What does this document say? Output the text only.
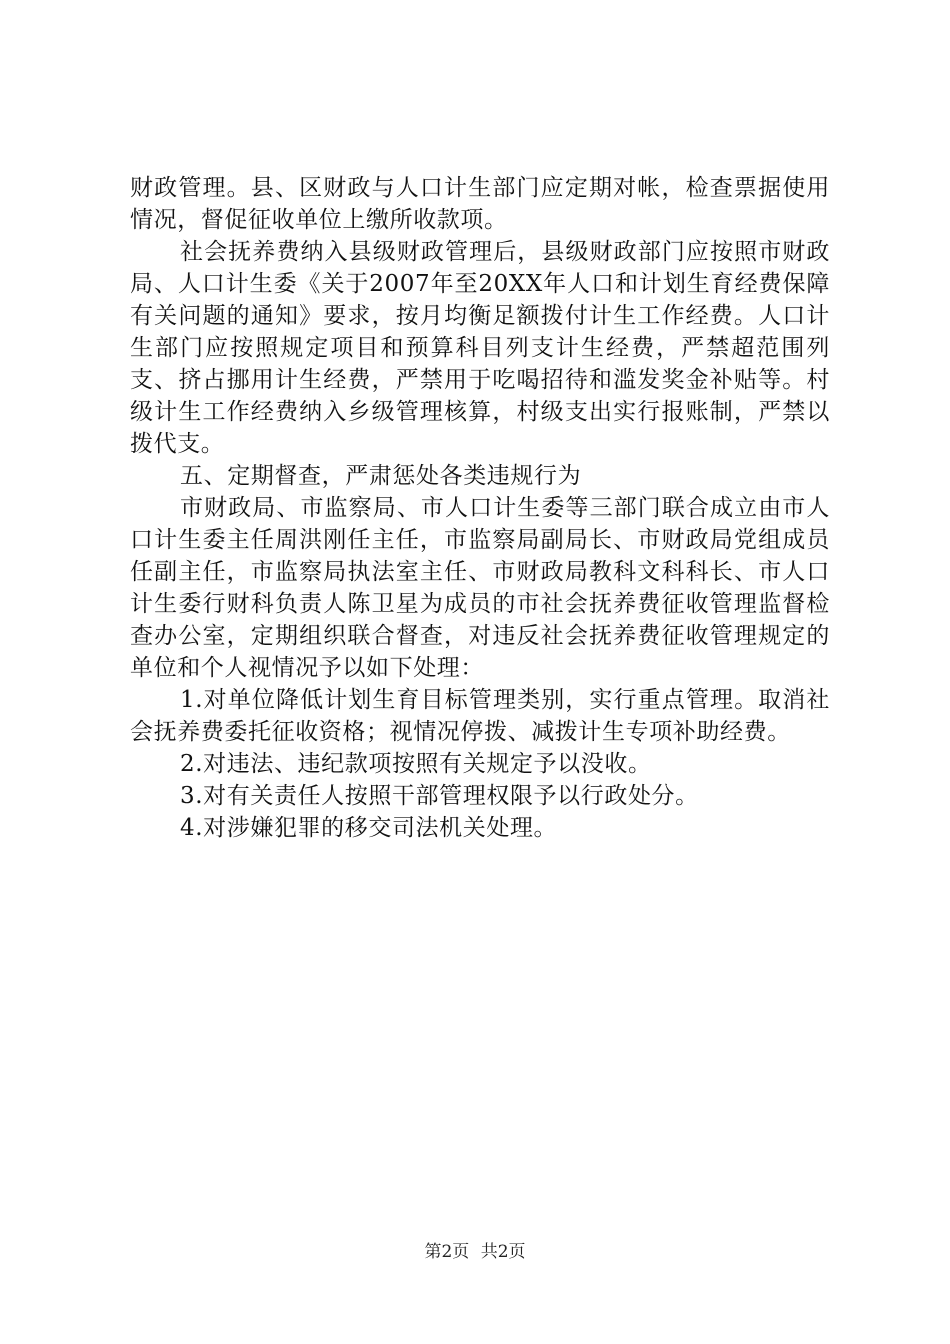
财政管理。县、区财政与人口计生部门应定期对帐，检查票据使用情况，督促征收单位上缴所收款项。

社会抚养费纳入县级财政管理后，县级财政部门应按照市财政局、人口计生委《关于2007年至20XX年人口和计划生育经费保障有关问题的通知》要求，按月均衡足额拨付计生工作经费。人口计生部门应按照规定项目和预算科目列支计生经费，严禁超范围列支、挤占挪用计生经费，严禁用于吃喝招待和滥发奖金补贴等。村级计生工作经费纳入乡级管理核算，村级支出实行报账制，严禁以拨代支。

五、定期督查，严肃惩处各类违规行为

市财政局、市监察局、市人口计生委等三部门联合成立由市人口计生委主任周洪刚任主任，市监察局副局长、市财政局党组成员任副主任，市监察局执法室主任、市财政局教科文科科长、市人口计生委行财科负责人陈卫星为成员的市社会抚养费征收管理监督检查办公室，定期组织联合督查，对违反社会抚养费征收管理规定的单位和个人视情况予以如下处理：

1.对单位降低计划生育目标管理类别，实行重点管理。取消社会抚养费委托征收资格；视情况停拨、减拨计生专项补助经费。

2.对违法、违纪款项按照有关规定予以没收。

3.对有关责任人按照干部管理权限予以行政处分。

4.对涉嫌犯罪的移交司法机关处理。

第2页 共2页
